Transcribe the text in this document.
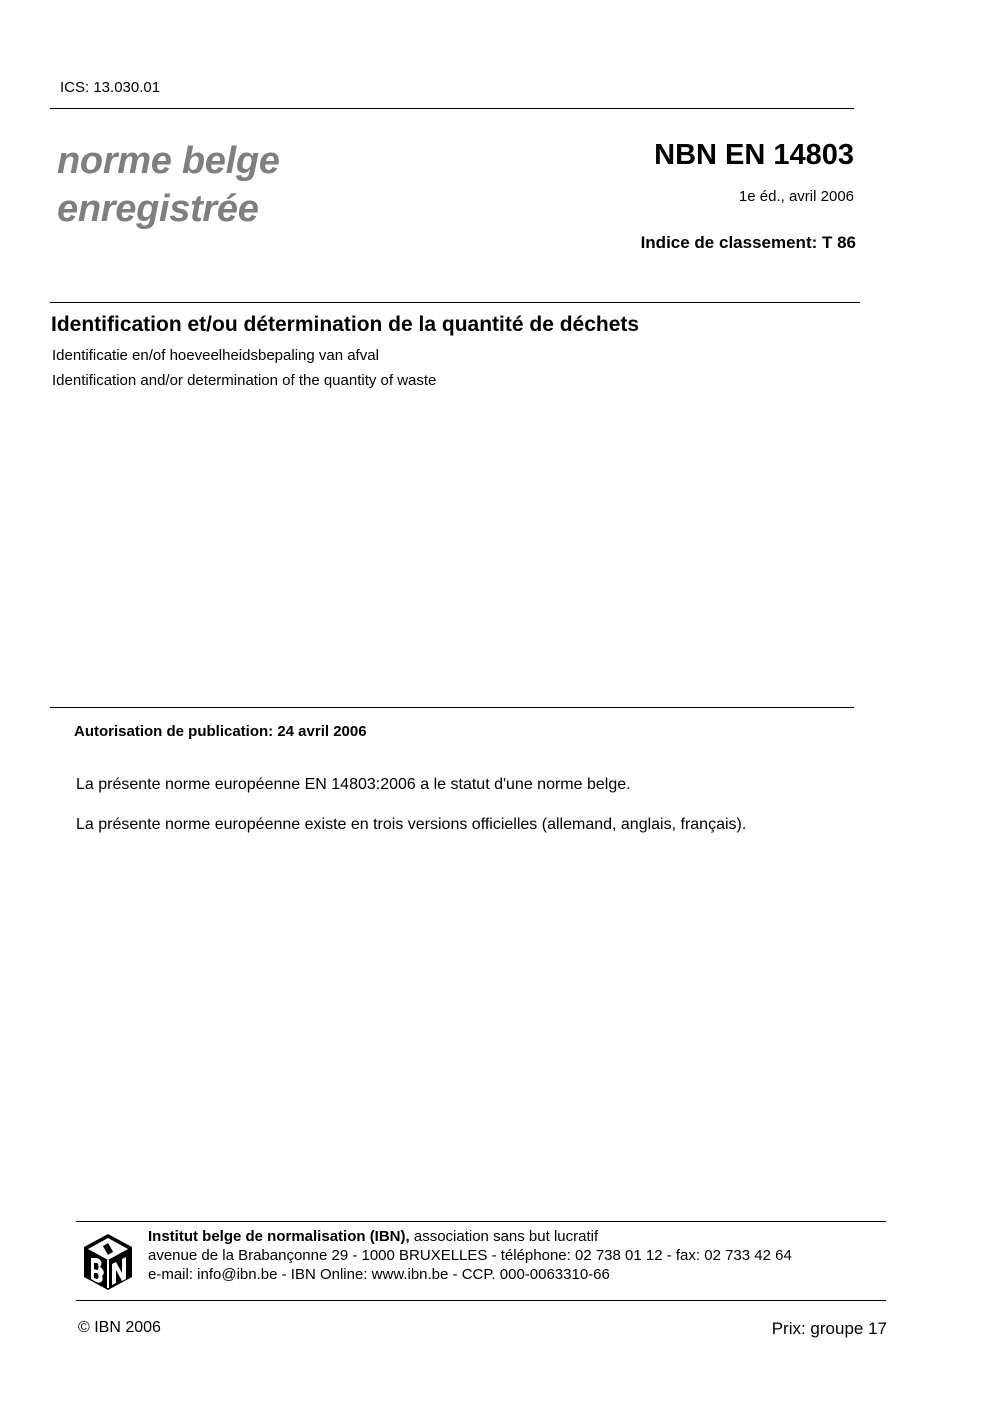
ICS: 13.030.01
norme belge
enregistrée
NBN EN 14803
1e éd., avril 2006
Indice de classement: T 86
Identification et/ou détermination de la quantité de déchets
Identificatie en/of hoeveelheidsbepaling van afval
Identification and/or determination of the quantity of waste
Autorisation de publication: 24 avril 2006
La présente norme européenne EN 14803:2006 a le statut d'une norme belge.
La présente norme européenne existe en trois versions officielles (allemand, anglais, français).
Institut belge de normalisation (IBN), association sans but lucratif
avenue de la Brabançonne 29 - 1000 BRUXELLES - téléphone: 02 738 01 12 - fax: 02 733 42 64
e-mail: info@ibn.be - IBN Online: www.ibn.be - CCP. 000-0063310-66
© IBN 2006	Prix: groupe 17
